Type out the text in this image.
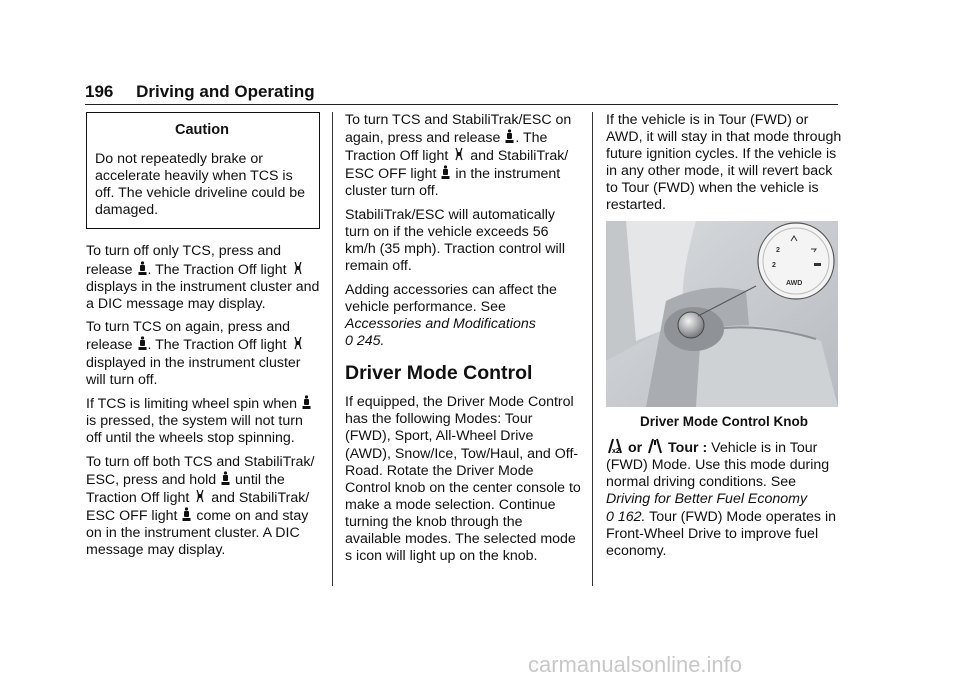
196 Driving and Operating
Caution
Do not repeatedly brake or accelerate heavily when TCS is off. The vehicle driveline could be damaged.

To turn off only TCS, press and release . The Traction Off light  displays in the instrument cluster and a DIC message may display.

To turn TCS on again, press and release . The Traction Off light  displayed in the instrument cluster will turn off.

If TCS is limiting wheel spin when  is pressed, the system will not turn off until the wheels stop spinning.

To turn off both TCS and StabiliTrak/ ESC, press and hold until the Traction Off light and StabiliTrak/ ESC OFF light come on and stay on in the instrument cluster. A DIC message may display.

To turn TCS and StabiliTrak/ESC on again, press and release . The Traction Off light and StabiliTrak/ ESC OFF light in the instrument cluster turn off.

StabiliTrak/ESC will automatically turn on if the vehicle exceeds 56 km/h (35 mph). Traction control will remain off.

Adding accessories can affect the vehicle performance. See Accessories and Modifications
0 245.

Driver Mode Control

If equipped, the Driver Mode Control has the following Modes: Tour (FWD), Sport, All-Wheel Drive (AWD), Snow/Ice, Tow/Haul, and Off-Road. Rotate the Driver Mode Control knob on the center console to make a mode selection. Continue turning the knob through the available modes. The selected mode s icon will light up on the knob.

If the vehicle is in Tour (FWD) or AWD, it will stay in that mode through future ignition cycles. If the vehicle is in any other mode, it will revert back to Tour (FWD) when the vehicle is restarted.

2
2
AWD
Driver Mode Control Knob

x2 or Tour : Vehicle is in Tour (FWD) Mode. Use this mode during normal driving conditions. See Driving for Better Fuel Economy
0 162. Tour (FWD) Mode operates in Front-Wheel Drive to improve fuel economy.

carmanualsonline.info
